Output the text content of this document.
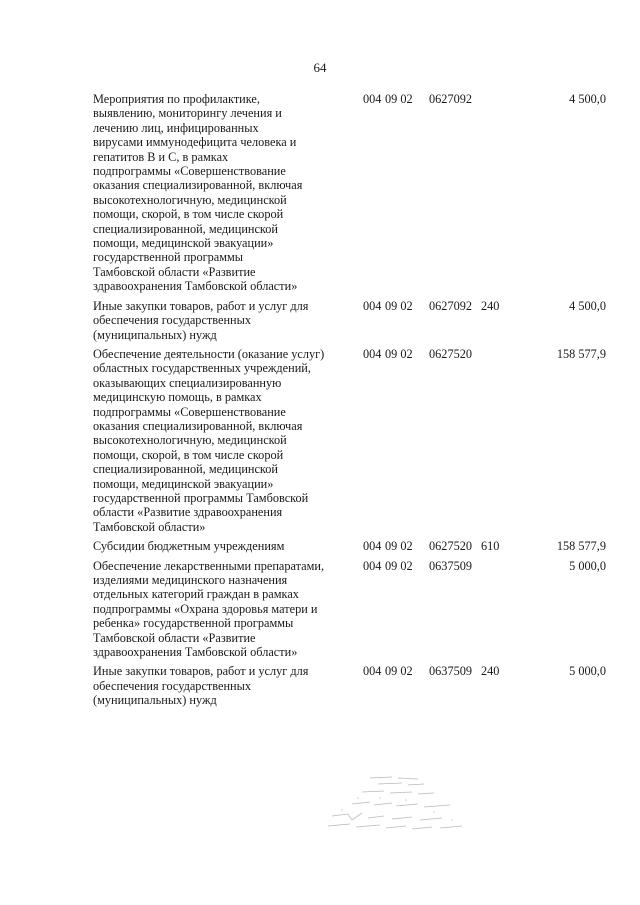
64
Мероприятия по профилактике,
выявлению, мониторингу лечения и
лечению лиц, инфицированных
вирусами иммунодефицита человека и
гепатитов В и С, в рамках
подпрограммы «Совершенствование
оказания специализированной, включая
высокотехнологичную, медицинской
помощи, скорой, в том числе скорой
специализированной, медицинской
помощи, медицинской эвакуации»
государственной программы
Тамбовской области «Развитие
здравоохранения Тамбовской области»
004 09 02	0627092	4 500,0
Иные закупки товаров, работ и услуг для
обеспечения государственных
(муниципальных) нужд
004 09 02	0627092 240	4 500,0
Обеспечение деятельности (оказание услуг)
областных государственных учреждений,
оказывающих специализированную
медицинскую помощь, в рамках
подпрограммы «Совершенствование
оказания специализированной, включая
высокотехнологичную, медицинской
помощи, скорой, в том числе скорой
специализированной, медицинской
помощи, медицинской эвакуации»
государственной программы Тамбовской
области «Развитие здравоохранения
Тамбовской области»
004 09 02	0627520	158 577,9
Субсидии бюджетным учреждениям	004 09 02	0627520 610	158 577,9
Обеспечение лекарственными препаратами,
изделиями медицинского назначения
отдельных категорий граждан в рамках
подпрограммы «Охрана здоровья матери и
ребенка» государственной программы
Тамбовской области «Развитие
здравоохранения Тамбовской области»
004 09 02	0637509	5 000,0
Иные закупки товаров, работ и услуг для
обеспечения государственных
(муниципальных) нужд
004 09 02	0637509 240	5 000,0
